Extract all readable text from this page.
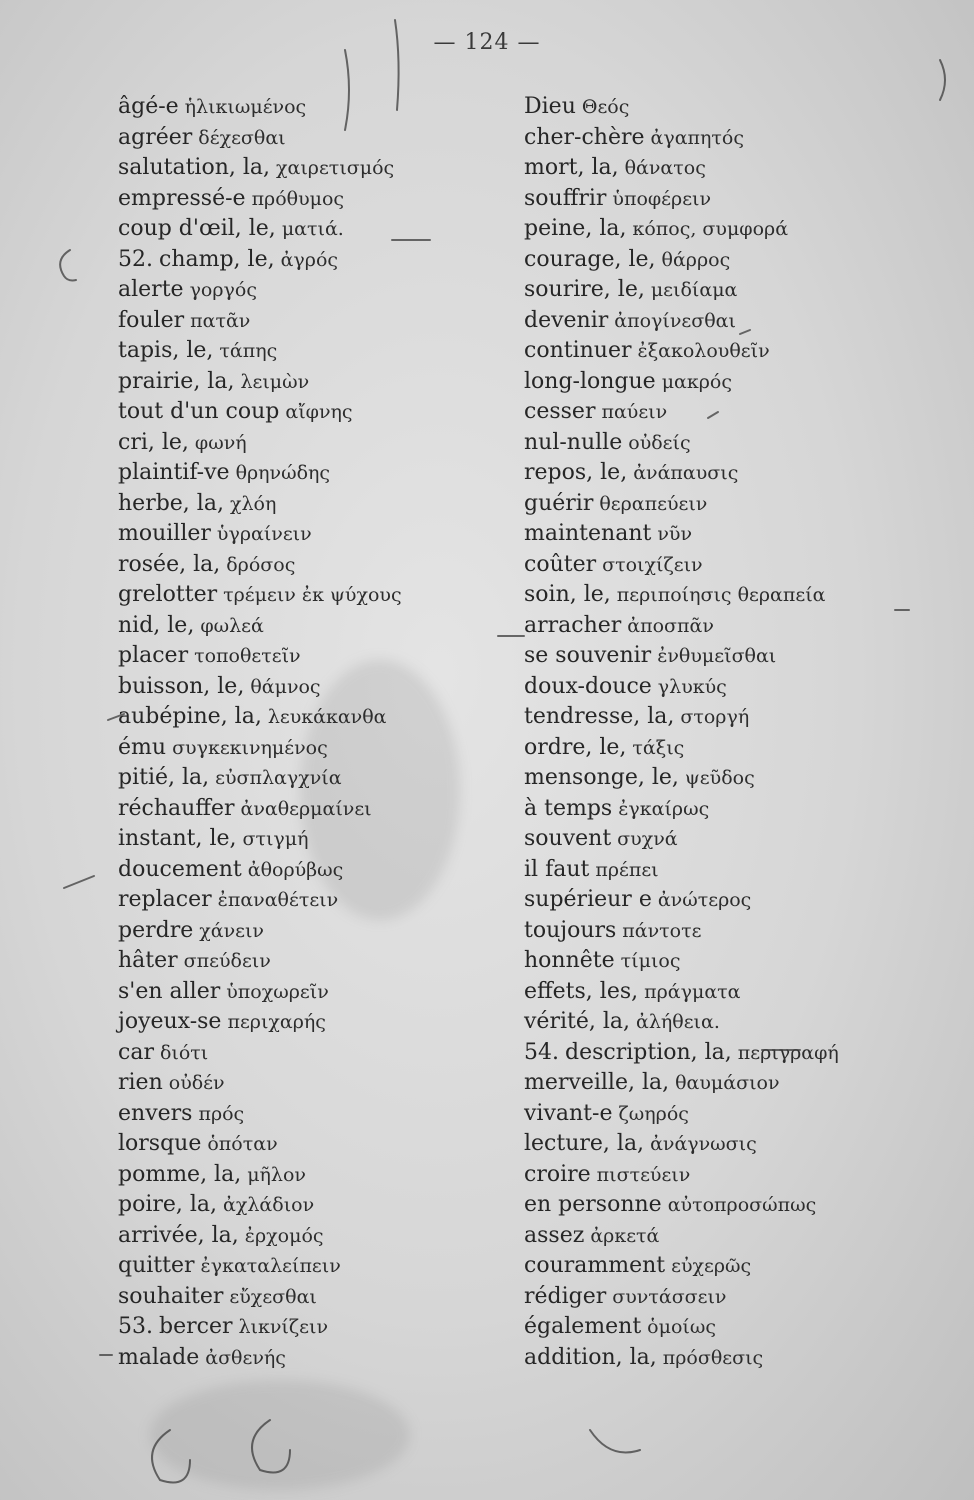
— 124 —
âgé-e ἡλικιωμένος
agréer δέχεσθαι
salutation, la, χαιρετισμός
empressé-e πρόθυμος
coup d'œil, le, ματιά.
52. champ, le, ἀγρός
alerte γοργός
fouler πατᾶν
tapis, le, τάπης
prairie, la, λειμὼν
tout d'un coup αἴφνης
cri, le, φωνή
plaintif-ve θρηνώδης
herbe, la, χλόη
mouiller ὑγραίνειν
rosée, la, δρόσος
grelotter τρέμειν ἐκ ψύχους
nid, le, φωλεά
placer τοποθετεῖν
buisson, le, θάμνος
aubépine, la, λευκάκανθα
ému συγκεκινημένος
pitié, la, εὐσπλαγχνία
réchauffer ἀναθερμαίνει
instant, le, στιγμή
doucement ἀθορύβως
replacer ἐπαναθέτειν
perdre χάνειν
hâter σπεύδειν
s'en aller ὑποχωρεῖν
joyeux-se περιχαρής
car διότι
rien οὐδέν
envers πρός
lorsque ὁπόταν
pomme, la, μῆλον
poire, la, ἀχλάδιον
arrivée, la, ἐρχομός
quitter ἐγκαταλείπειν
souhaiter εὔχεσθαι
53. bercer λικνίζειν
malade ἀσθενής
Dieu Θεός
cher-chère ἀγαπητός
mort, la, θάνατος
souffrir ὑποφέρειν
peine, la, κόπος, συμφορά
courage, le, θάρρος
sourire, le, μειδίαμα
devenir ἀπογίνεσθαι
continuer ἐξακολουθεῖν
long-longue μακρός
cesser παύειν
nul-nulle οὐδείς
repos, le, ἀνάπαυσις
guérir θεραπεύειν
maintenant νῦν
coûter στοιχίζειν
soin, le, περιποίησις θεραπεία
arracher ἀποσπᾶν
se souvenir ἐνθυμεῖσθαι
doux-douce γλυκύς
tendresse, la, στοργή
ordre, le, τάξις
mensonge, le, ψεῦδος
à temps ἐγκαίρως
souvent συχνά
il faut πρέπει
supérieur e ἀνώτερος
toujours πάντοτε
honnête τίμιος
effets, les, πράγματα
vérité, la, ἀλήθεια.
54. description, la, περιγραφή
merveille, la, θαυμάσιον
vivant-e ζωηρός
lecture, la, ἀνάγνωσις
croire πιστεύειν
en personne αὐτοπροσώπως
assez ἀρκετά
couramment εὐχερῶς
rédiger συντάσσειν
également ὁμοίως
addition, la, πρόσθεσις
